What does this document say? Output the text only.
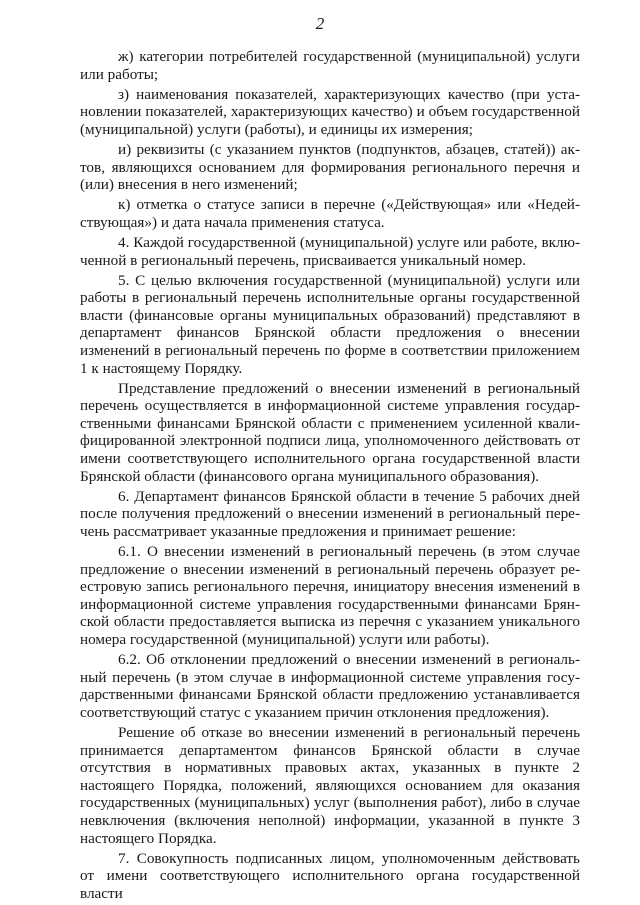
2

ж) категории потребителей государственной (муниципальной) услуги или работы;

з) наименования показателей, характеризующих качество (при установлении показателей, характеризующих качество) и объем государственной (муниципальной) услуги (работы), и единицы их измерения;

и) реквизиты (с указанием пунктов (подпунктов, абзацев, статей)) актов, являющихся основанием для формирования регионального перечня и (или) внесения в него изменений;

к) отметка о статусе записи в перечне («Действующая» или «Недействующая») и дата начала применения статуса.

4. Каждой государственной (муниципальной) услуге или работе, включенной в региональный перечень, присваивается уникальный номер.

5. С целью включения государственной (муниципальной) услуги или работы в региональный перечень исполнительные органы государственной власти (финансовые органы муниципальных образований) представляют в департамент финансов Брянской области предложения о внесении изменений в региональный перечень по форме в соответствии приложением 1 к настоящему Порядку.

Представление предложений о внесении изменений в региональный перечень осуществляется в информационной системе управления государственными финансами Брянской области с применением усиленной квалифицированной электронной подписи лица, уполномоченного действовать от имени соответствующего исполнительного органа государственной власти Брянской области (финансового органа муниципального образования).

6. Департамент финансов Брянской области в течение 5 рабочих дней после получения предложений о внесении изменений в региональный перечень рассматривает указанные предложения и принимает решение:

6.1. О внесении изменений в региональный перечень (в этом случае предложение о внесении изменений в региональный перечень образует реестровую запись регионального перечня, инициатору внесения изменений в информационной системе управления государственными финансами Брянской области предоставляется выписка из перечня с указанием уникального номера государственной (муниципальной) услуги или работы).

6.2. Об отклонении предложений о внесении изменений в региональный перечень (в этом случае в информационной системе управления государственными финансами Брянской области предложению устанавливается соответствующий статус с указанием причин отклонения предложения).

Решение об отказе во внесении изменений в региональный перечень принимается департаментом финансов Брянской области в случае отсутствия в нормативных правовых актах, указанных в пункте 2 настоящего Порядка, положений, являющихся основанием для оказания государственных (муниципальных) услуг (выполнения работ), либо в случае невключения (включения неполной) информации, указанной в пункте 3 настоящего Порядка.

7. Совокупность подписанных лицом, уполномоченным действовать от имени соответствующего исполнительного органа государственной власти
